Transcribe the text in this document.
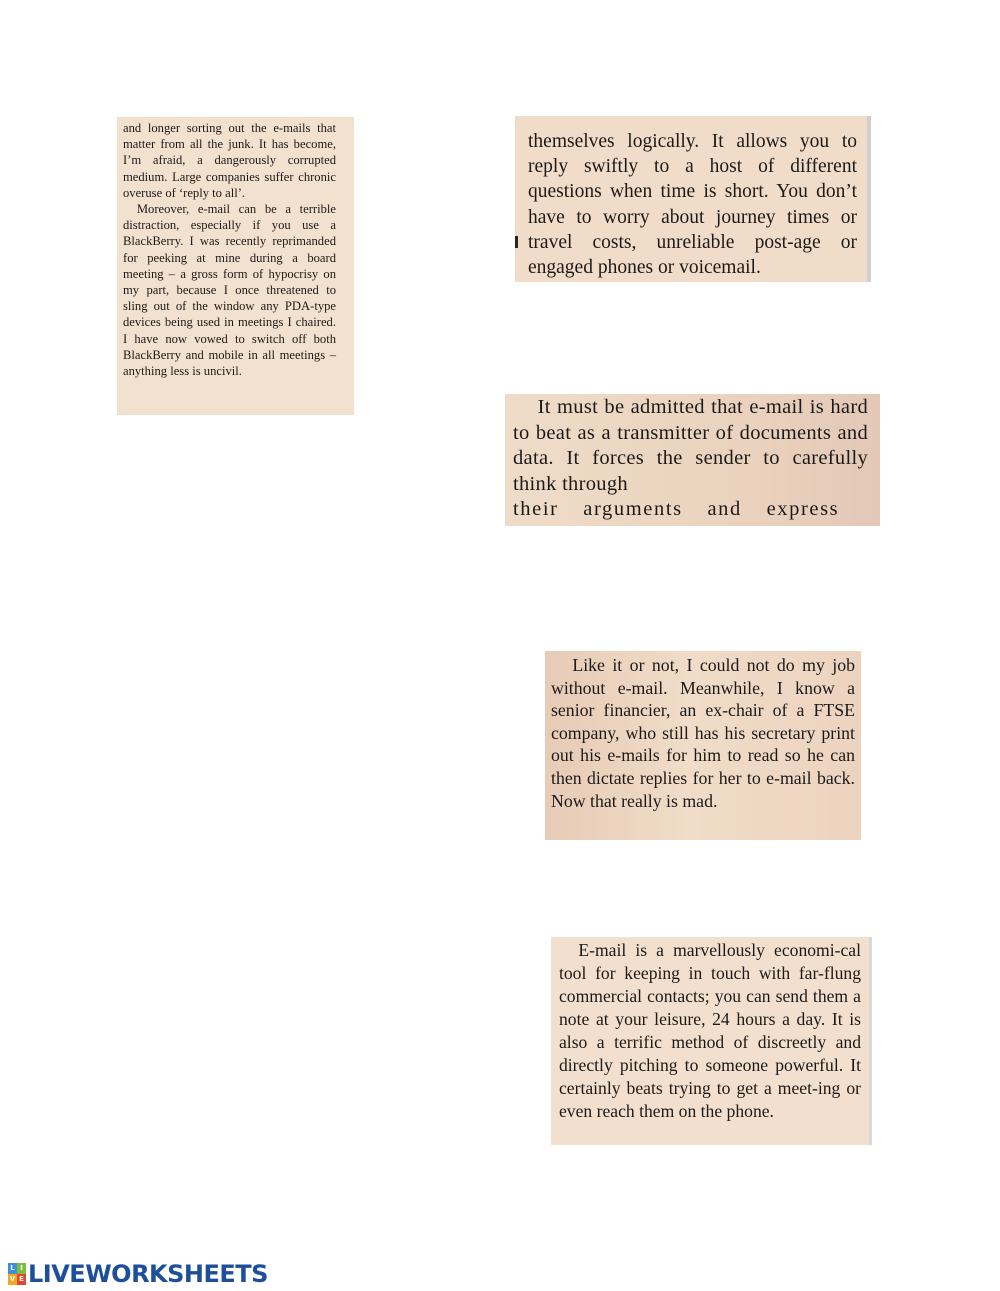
and longer sorting out the e-mails that matter from all the junk. It has become, I’m afraid, a dangerously corrupted medium. Large companies suffer chronic overuse of ‘reply to all’.

Moreover, e-mail can be a terrible distraction, especially if you use a BlackBerry. I was recently reprimanded for peeking at mine during a board meeting – a gross form of hypocrisy on my part, because I once threatened to sling out of the window any PDA-type devices being used in meetings I chaired. I have now vowed to switch off both BlackBerry and mobile in all meetings – anything less is uncivil.

themselves logically. It allows you to reply swiftly to a host of different questions when time is short. You don’t have to worry about journey times or travel costs, unreliable post-age or engaged phones or voicemail.

It must be admitted that e-mail is hard to beat as a transmitter of documents and data. It forces the sender to carefully think through

their arguments and express

Like it or not, I could not do my job without e-mail. Meanwhile, I know a senior financier, an ex-chair of a FTSE company, who still has his secretary print out his e-mails for him to read so he can then dictate replies for her to e-mail back. Now that really is mad.

E-mail is a marvellously economi-cal tool for keeping in touch with far-flung commercial contacts; you can send them a note at your leisure, 24 hours a day. It is also a terrific method of discreetly and directly pitching to someone powerful. It certainly beats trying to get a meet-ing or even reach them on the phone.

L I
V E LIVEWORKSHEETS
